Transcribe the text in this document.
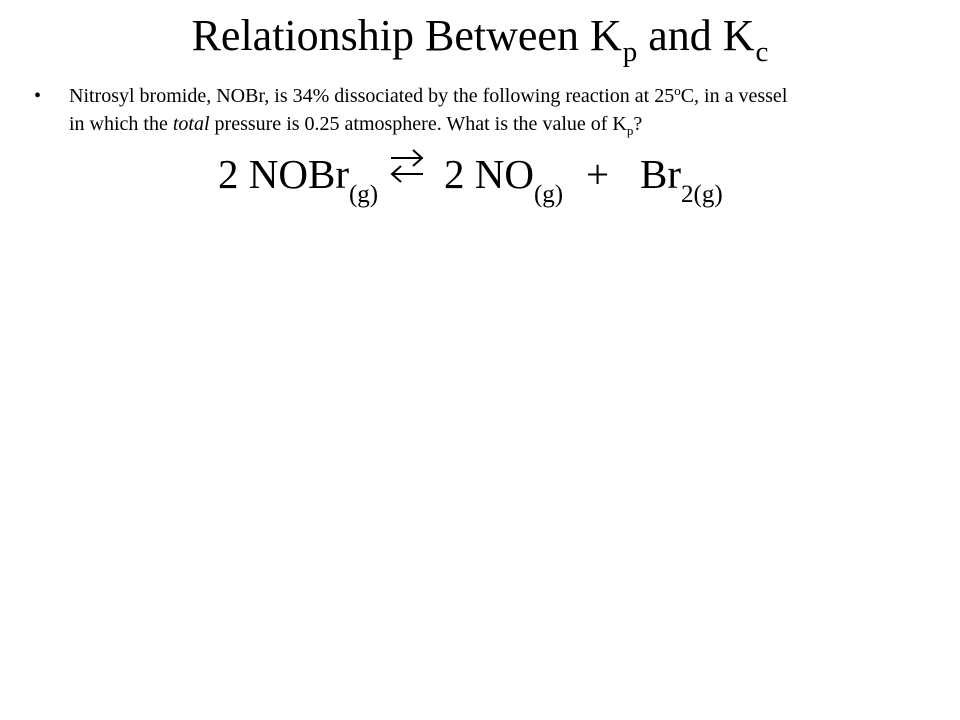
Relationship Between $K_p$ and $K_c$
•	Nitrosyl bromide, NOBr, is 34% dissociated by the following reaction at 25$^o$C, in a vessel
in which the total pressure is 0.25 atmosphere. What is the value of $K_p$?
2 NOBr$_{(g)}$ ⇌ 2 $NO_{(g)} + Br_{2(g)}$
